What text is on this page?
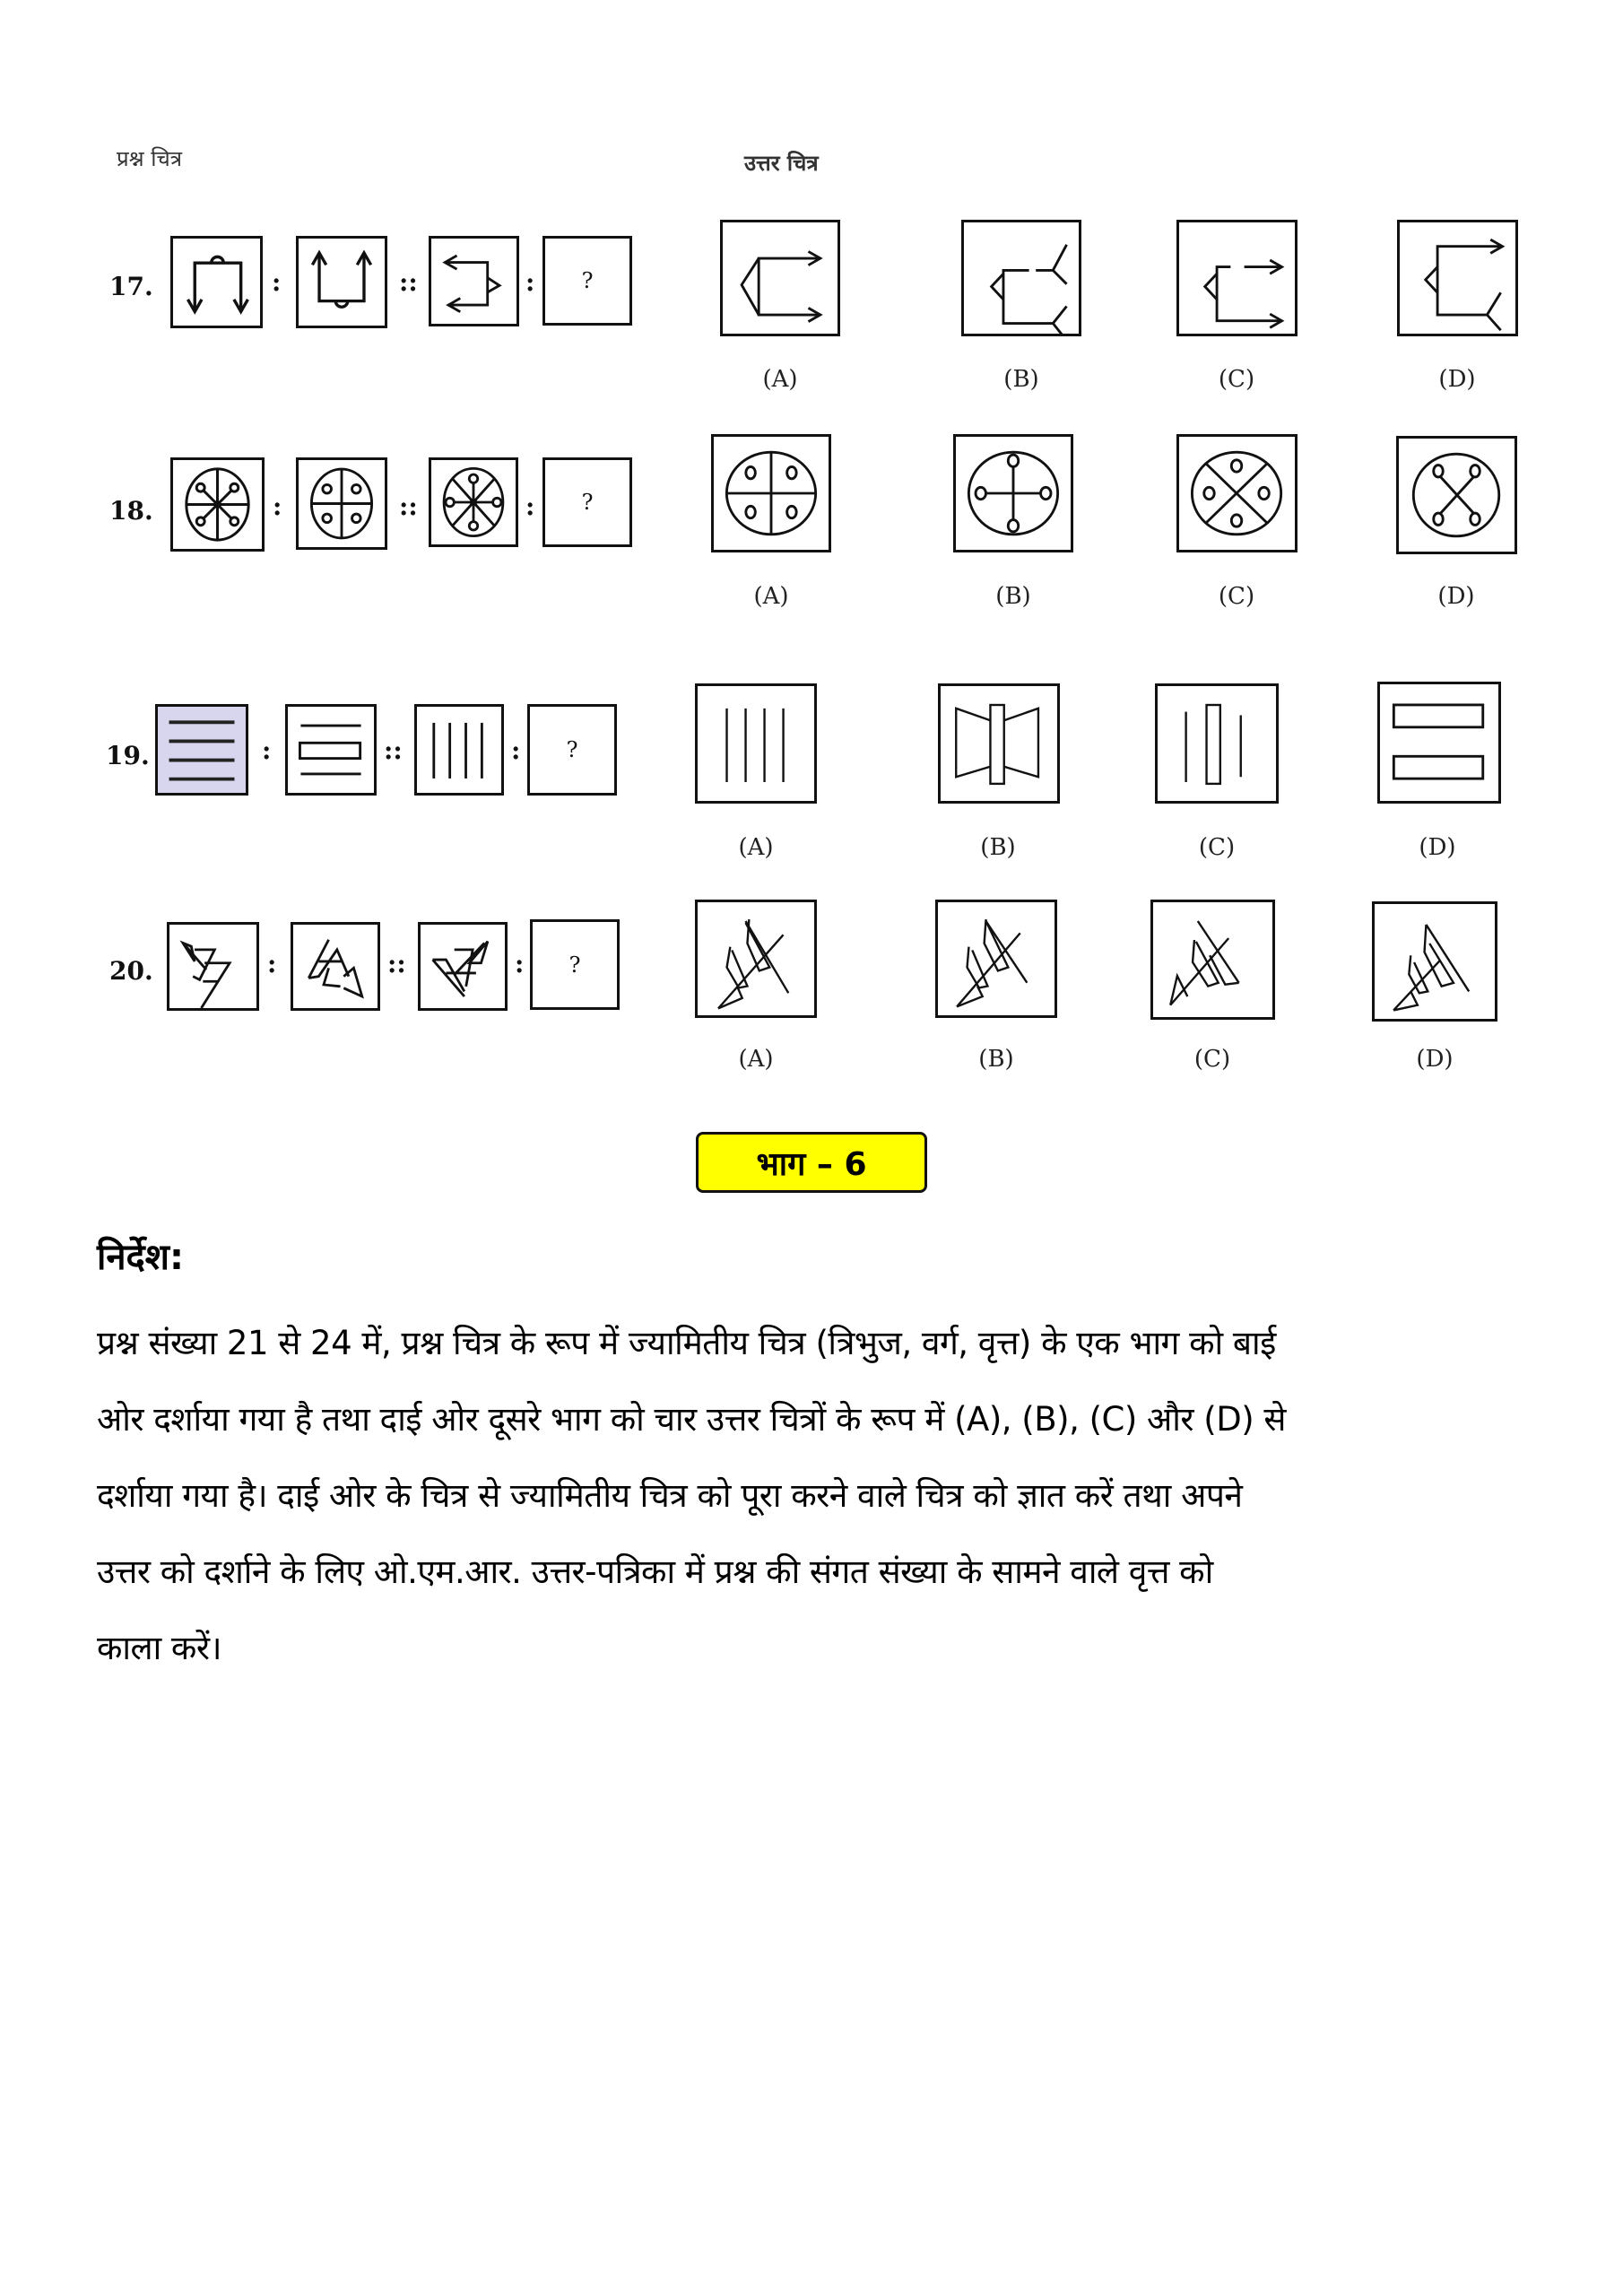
प्रश्न चित्र	उत्तर चित्र
17.	:	::	:	?
(A)	(B)	(C)	(D)
18.	:	::	:	?
(A)	(B)	(C)	(D)
19.	:	::	:	?
(A)	(B)	(C)	(D)
20.	:	::	:	?
(A)	(B)	(C)	(D)
भाग – 6
निर्देश:
प्रश्न संख्या 21 से 24 में, प्रश्न चित्र के रूप में ज्यामितीय चित्र (त्रिभुज, वर्ग, वृत्त) के एक भाग को बाई
ओर दर्शाया गया है तथा दाई ओर दूसरे भाग को चार उत्तर चित्रों के रूप में (A), (B), (C) और (D) से
दर्शाया गया है। दाई ओर के चित्र से ज्यामितीय चित्र को पूरा करने वाले चित्र को ज्ञात करें तथा अपने
उत्तर को दर्शाने के लिए ओ.एम.आर. उत्तर-पत्रिका में प्रश्न की संगत संख्या के सामने वाले वृत्त को
काला करें।
